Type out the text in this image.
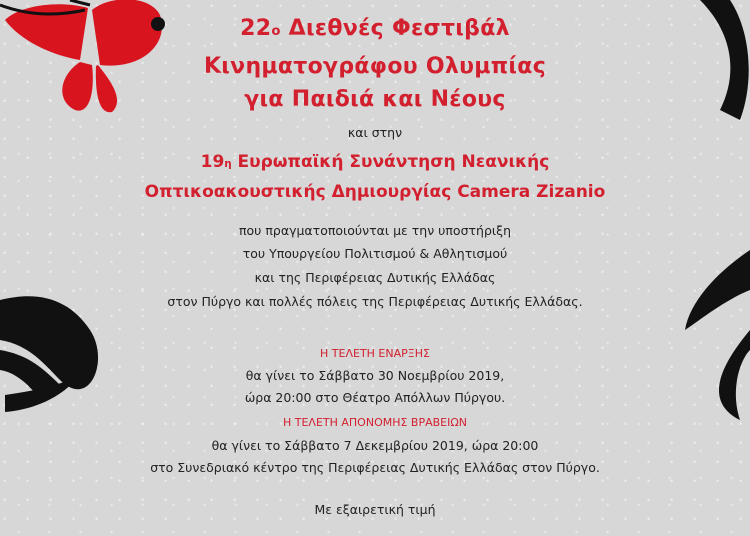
22ο Διεθνές Φεστιβάλ
Κινηματογράφου Ολυμπίας
για Παιδιά και Νέους
και στην
19η Ευρωπαϊκή Συνάντηση Νεανικής
Οπτικοακουστικής Δημιουργίας Camera Zizanio
που πραγματοποιούνται με την υποστήριξη
του Υπουργείου Πολιτισμού & Αθλητισμού
και της Περιφέρειας Δυτικής Ελλάδας
στον Πύργο και πολλές πόλεις της Περιφέρειας Δυτικής Ελλάδας.
Η ΤΕΛΕΤΗ ΕΝΑΡΞΗΣ
θα γίνει το Σάββατο 30 Νοεμβρίου 2019,
ώρα 20:00 στο Θέατρο Απόλλων Πύργου.
Η ΤΕΛΕΤΗ ΑΠΟΝΟΜΗΣ ΒΡΑΒΕΙΩΝ
θα γίνει το Σάββατο 7 Δεκεμβρίου 2019, ώρα 20:00
στο Συνεδριακό κέντρο της Περιφέρειας Δυτικής Ελλάδας στον Πύργο.
Με εξαιρετική τιμή
